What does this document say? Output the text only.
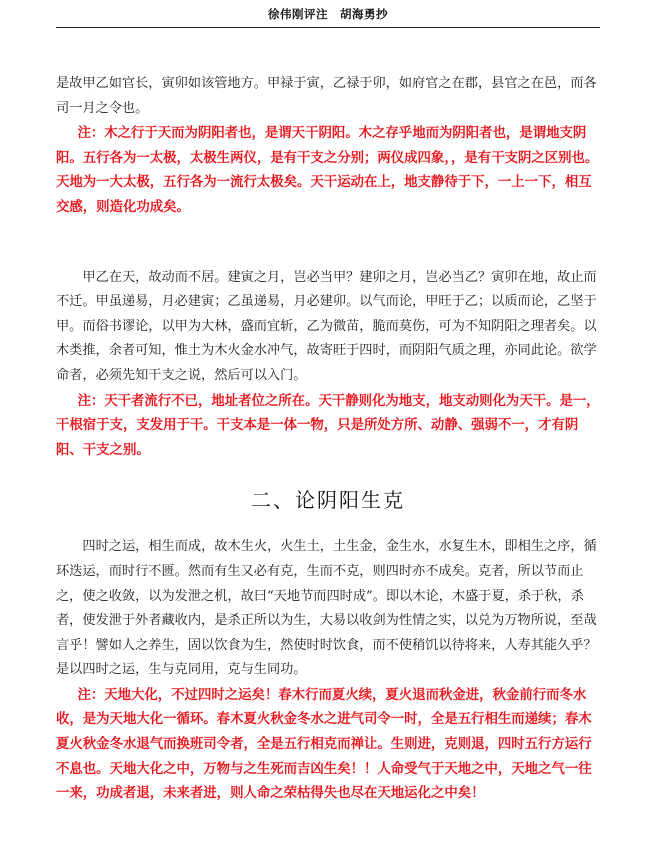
徐伟刚评注　胡海勇抄

是故甲乙如官长，寅卯如该管地方。甲禄于寅，乙禄于卯，如府官之在郡，县官之在邑，而各司一月之令也。

注：木之行于天而为阴阳者也，是谓天干阴阳。木之存乎地而为阴阳者也，是谓地支阴阳。五行各为一太极，太极生两仪，是有干支之分别；两仪成四象，，是有干支阴之区别也。天地为一大太极，五行各为一流行太极矣。天干运动在上，地支静待于下，一上一下，相互交感，则造化功成矣。

甲乙在天，故动而不居。建寅之月，岂必当甲？建卯之月，岂必当乙？寅卯在地，故止而不迁。甲虽递易，月必建寅；乙虽递易，月必建卯。以气而论，甲旺于乙；以质而论，乙坚于甲。而俗书谬论，以甲为大林，盛而宜斩，乙为微苗，脆而莫伤，可为不知阴阳之理者矣。以木类推，余者可知，惟土为木火金水冲气，故寄旺于四时，而阴阳气质之理，亦同此论。欲学命者，必须先知干支之说，然后可以入门。

注：天干者流行不已，地址者位之所在。天干静则化为地支，地支动则化为天干。是一，干根宿于支，支发用于干。干支本是一体一物，只是所处方所、动静、强弱不一，才有阴阳、干支之别。

二、论阴阳生克

四时之运，相生而成，故木生火，火生土，土生金，金生水，水复生木，即相生之序，循环迭运，而时行不匮。然而有生又必有克，生而不克，则四时亦不成矣。克者，所以节而止之，使之收敛，以为发泄之机，故曰“天地节而四时成”。即以木论，木盛于夏，杀于秋，杀者，使发泄于外者藏收内，是杀正所以为生，大易以收剑为性情之实，以兑为万物所说，至哉言乎！譬如人之养生，固以饮食为生，然使时时饮食，而不使稍饥以待将来，人寿其能久乎？是以四时之运，生与克同用，克与生同功。

注：天地大化，不过四时之运矣！春木行而夏火续，夏火退而秋金进，秋金前行而冬水收，是为天地大化一循环。春木夏火秋金冬水之进气司令一时，全是五行相生而递续；春木夏火秋金冬水退气而换班司令者，全是五行相克而禅让。生则进，克则退，四时五行方运行不息也。天地大化之中，万物与之生死而吉凶生矣！！人命受气于天地之中，天地之气一往一来，功成者退，未来者进，则人命之荣枯得失也尽在天地运化之中矣！
